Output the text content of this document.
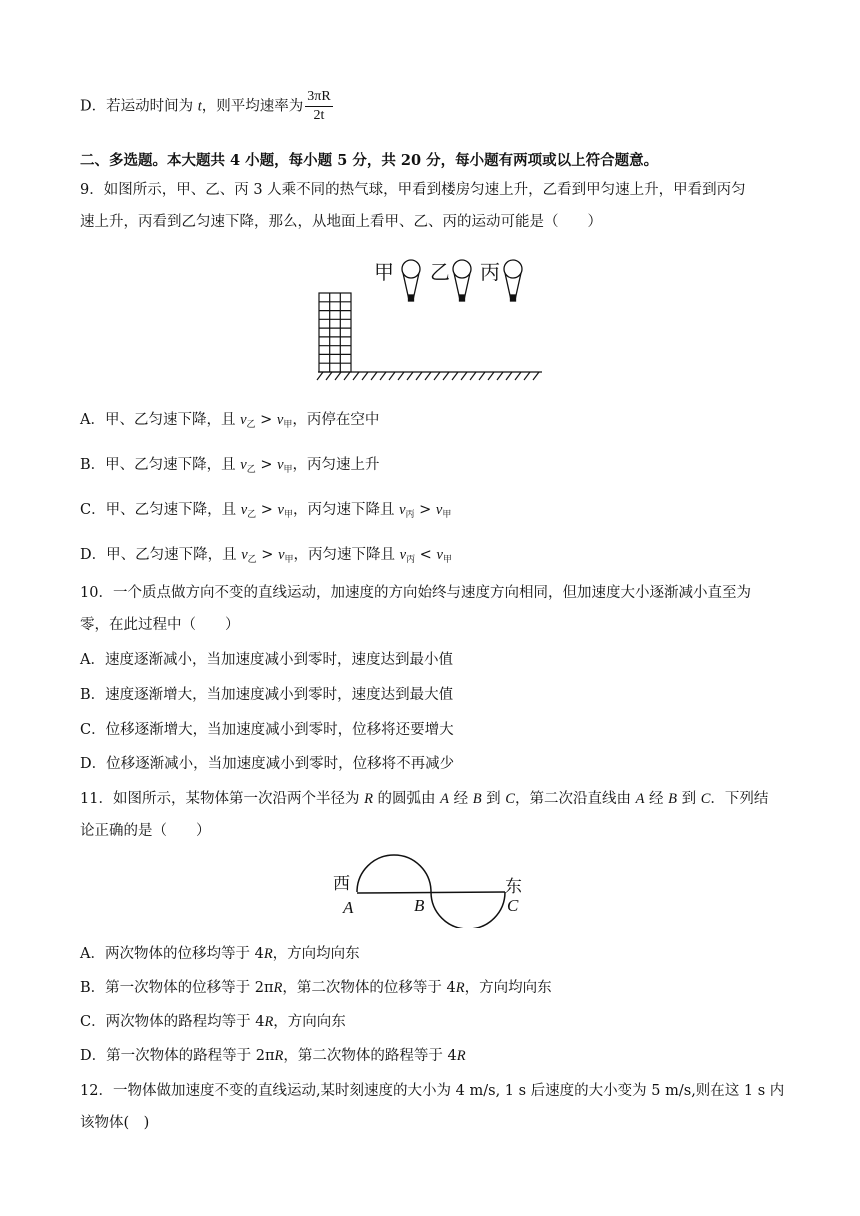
D．若运动时间为 t，则平均速率为 $\frac{3\pi R}{2t}$
二、多选题。本大题共 4 小题，每小题 5 分，共 20 分，每小题有两项或以上符合题意。
9．如图所示，甲、乙、丙 3 人乘不同的热气球，甲看到楼房匀速上升，乙看到甲匀速上升，甲看到丙匀
速上升，丙看到乙匀速下降，那么，从地面上看甲、乙、丙的运动可能是（　　）
甲 乙 丙
A．甲、乙匀速下降，且 $v_乙 > v_甲$，丙停在空中
B．甲、乙匀速下降，且 $v_乙 > v_甲$，丙匀速上升
C．甲、乙匀速下降，且 $v_乙 > v_甲$，丙匀速下降且 $v_丙 > v_甲$
D．甲、乙匀速下降，且 $v_乙 > v_甲$，丙匀速下降且 $v_丙 < v_甲$
10．一个质点做方向不变的直线运动，加速度的方向始终与速度方向相同，但加速度大小逐渐减小直至为
零，在此过程中（　　）
A．速度逐渐减小，当加速度减小到零时，速度达到最小值
B．速度逐渐增大，当加速度减小到零时，速度达到最大值
C．位移逐渐增大，当加速度减小到零时，位移将还要增大
D．位移逐渐减小，当加速度减小到零时，位移将不再减少
11．如图所示，某物体第一次沿两个半径为 R 的圆弧由 A 经 B 到 C，第二次沿直线由 A 经 B 到 C．下列结
论正确的是（　　）
西	东
A	B	C
A．两次物体的位移均等于 4R，方向均向东
B．第一次物体的位移等于 2πR，第二次物体的位移等于 4R，方向均向东
C．两次物体的路程均等于 4R，方向向东
D．第一次物体的路程等于 2πR，第二次物体的路程等于 4R
12．一物体做加速度不变的直线运动,某时刻速度的大小为 4 m/s, 1 s 后速度的大小变为 5 m/s,则在这 1 s 内
该物体(　)
